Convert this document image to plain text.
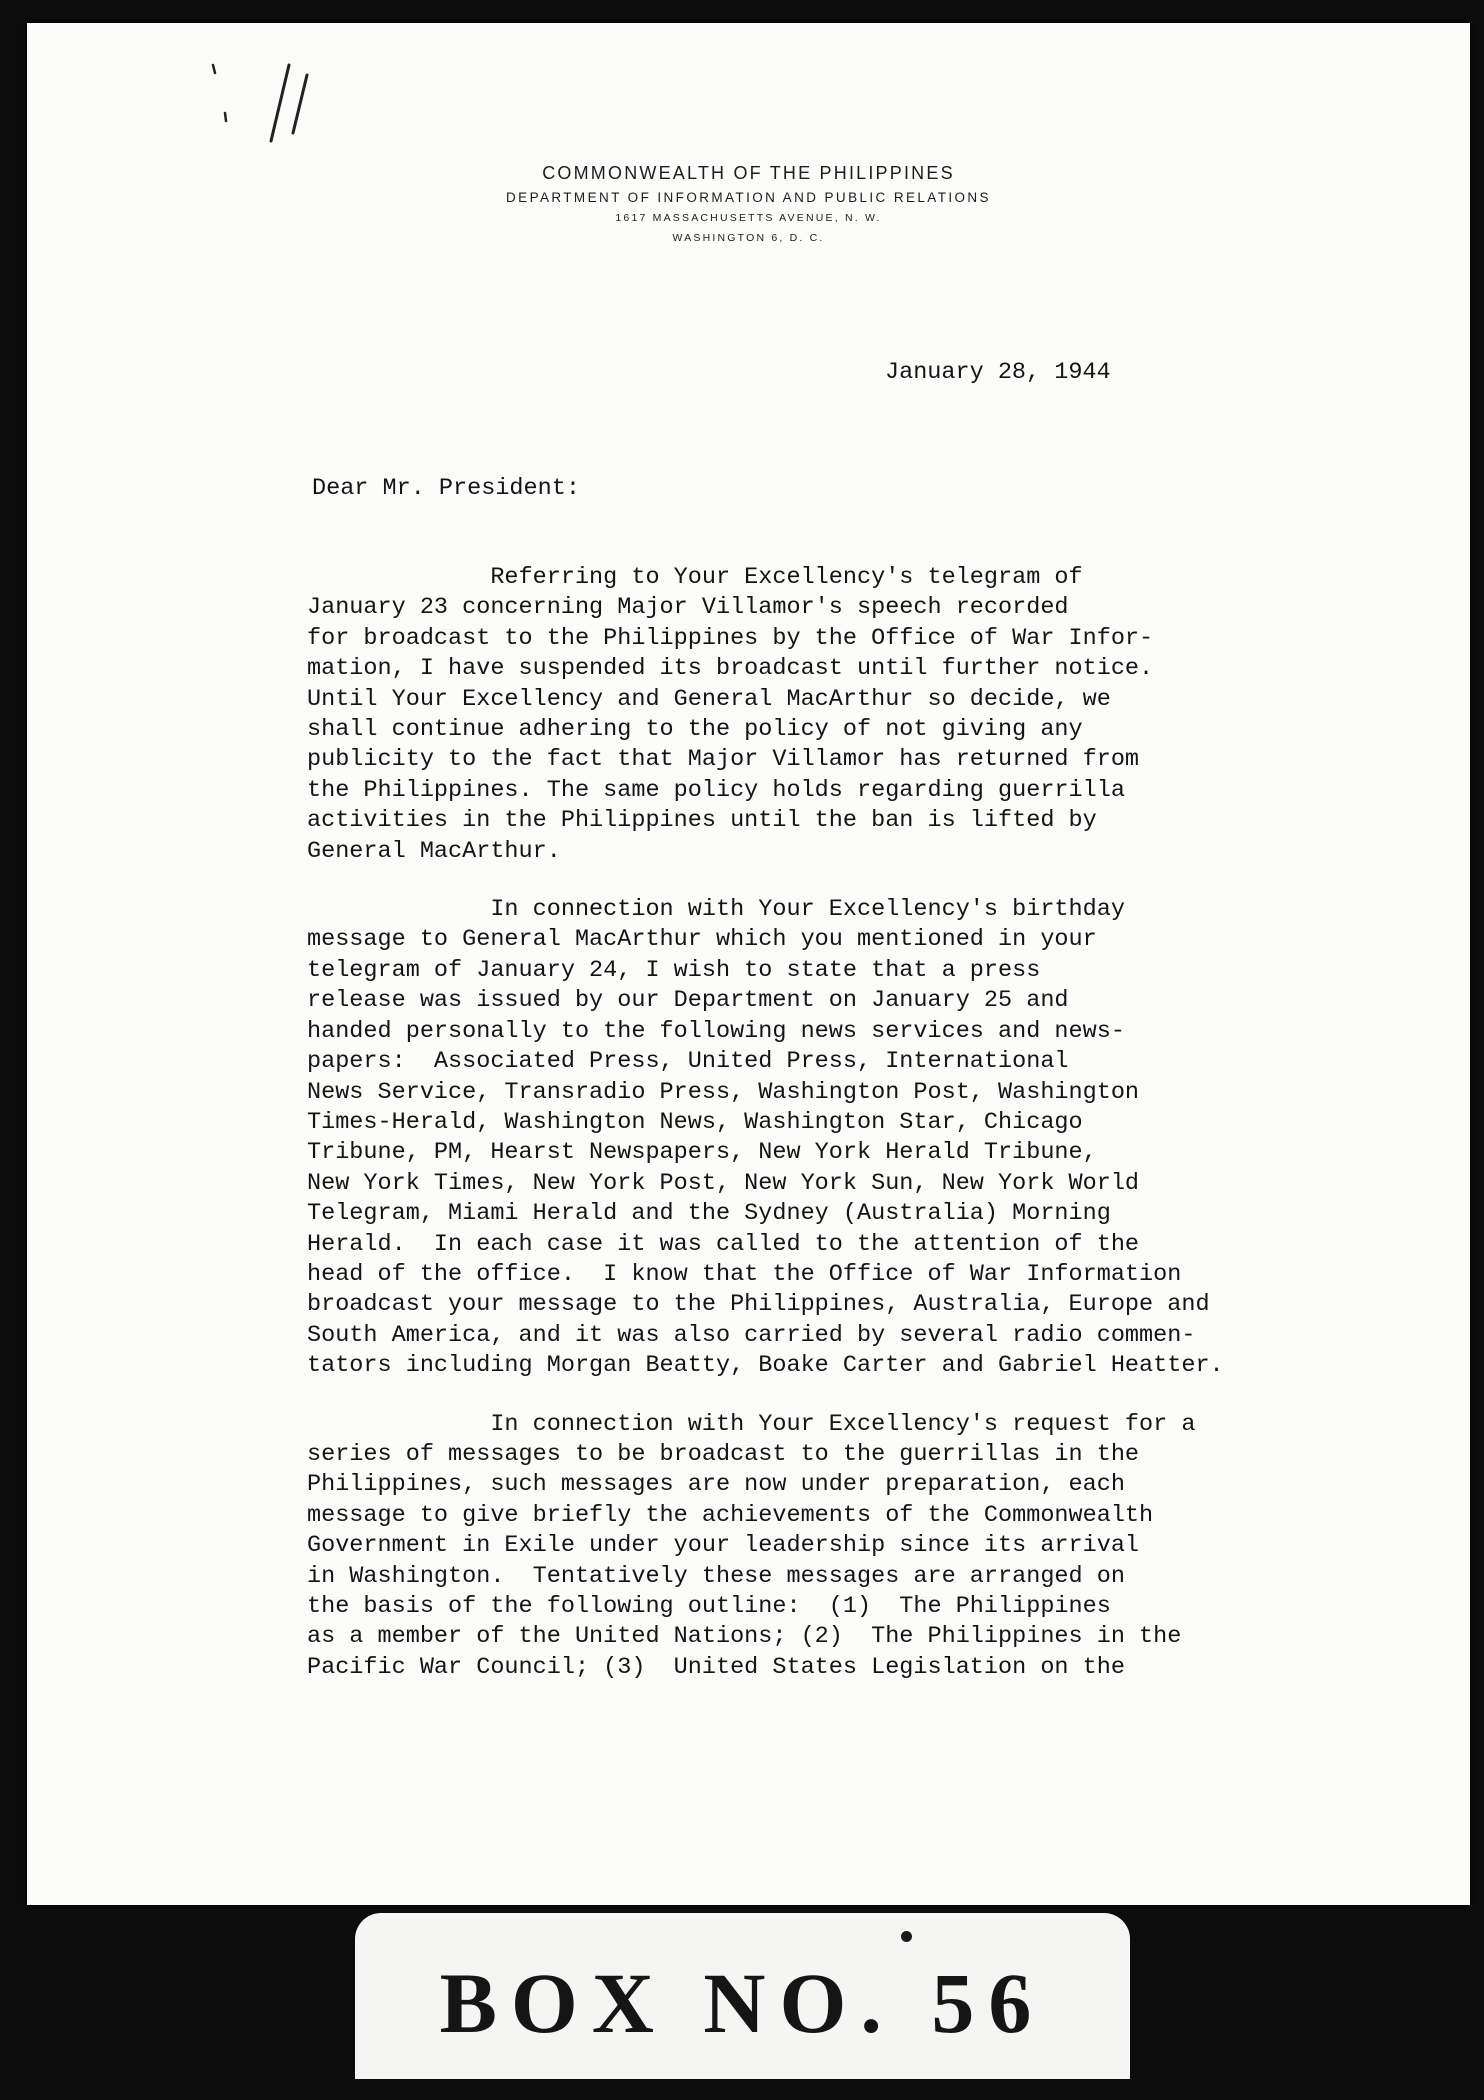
COMMONWEALTH OF THE PHILIPPINES
DEPARTMENT OF INFORMATION AND PUBLIC RELATIONS
1617 MASSACHUSETTS AVENUE, N. W.
WASHINGTON 6, D. C.
January 28, 1944
Dear Mr. President:
Referring to Your Excellency's telegram of
January 23 concerning Major Villamor's speech recorded
for broadcast to the Philippines by the Office of War Infor-
mation, I have suspended its broadcast until further notice.
Until Your Excellency and General MacArthur so decide, we
shall continue adhering to the policy of not giving any
publicity to the fact that Major Villamor has returned from
the Philippines. The same policy holds regarding guerrilla
activities in the Philippines until the ban is lifted by
General MacArthur.
In connection with Your Excellency's birthday
message to General MacArthur which you mentioned in your
telegram of January 24, I wish to state that a press
release was issued by our Department on January 25 and
handed personally to the following news services and news-
papers:  Associated Press, United Press, International
News Service, Transradio Press, Washington Post, Washington
Times-Herald, Washington News, Washington Star, Chicago
Tribune, PM, Hearst Newspapers, New York Herald Tribune,
New York Times, New York Post, New York Sun, New York World
Telegram, Miami Herald and the Sydney (Australia) Morning
Herald.  In each case it was called to the attention of the
head of the office.  I know that the Office of War Information
broadcast your message to the Philippines, Australia, Europe and
South America, and it was also carried by several radio commen-
tators including Morgan Beatty, Boake Carter and Gabriel Heatter.
In connection with Your Excellency's request for a
series of messages to be broadcast to the guerrillas in the
Philippines, such messages are now under preparation, each
message to give briefly the achievements of the Commonwealth
Government in Exile under your leadership since its arrival
in Washington.  Tentatively these messages are arranged on
the basis of the following outline:  (1)  The Philippines
as a member of the United Nations; (2)  The Philippines in the
Pacific War Council; (3)  United States Legislation on the
BOX NO. 56
